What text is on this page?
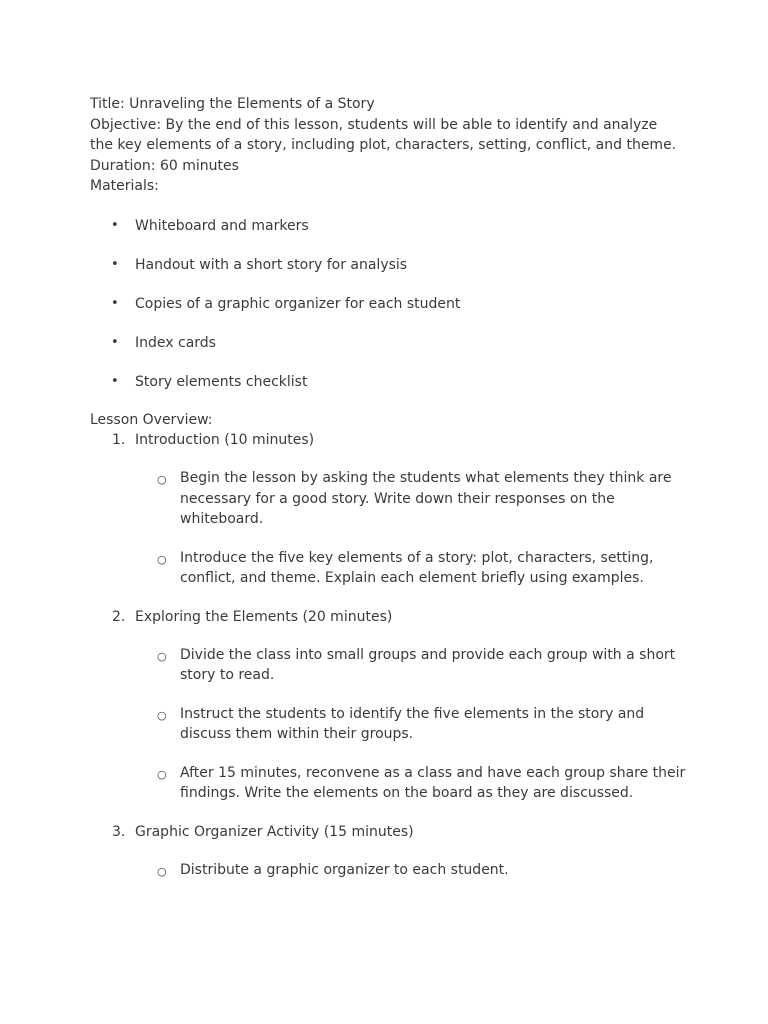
Title: Unraveling the Elements of a Story
Objective: By the end of this lesson, students will be able to identify and analyze the key elements of a story, including plot, characters, setting, conflict, and theme.
Duration: 60 minutes
Materials:
• Whiteboard and markers
• Handout with a short story for analysis
• Copies of a graphic organizer for each student
• Index cards
• Story elements checklist
Lesson Overview:
1. Introduction (10 minutes)
○ Begin the lesson by asking the students what elements they think are necessary for a good story. Write down their responses on the whiteboard.
○ Introduce the five key elements of a story: plot, characters, setting, conflict, and theme. Explain each element briefly using examples.
2. Exploring the Elements (20 minutes)
○ Divide the class into small groups and provide each group with a short story to read.
○ Instruct the students to identify the five elements in the story and discuss them within their groups.
○ After 15 minutes, reconvene as a class and have each group share their findings. Write the elements on the board as they are discussed.
3. Graphic Organizer Activity (15 minutes)
○ Distribute a graphic organizer to each student.
